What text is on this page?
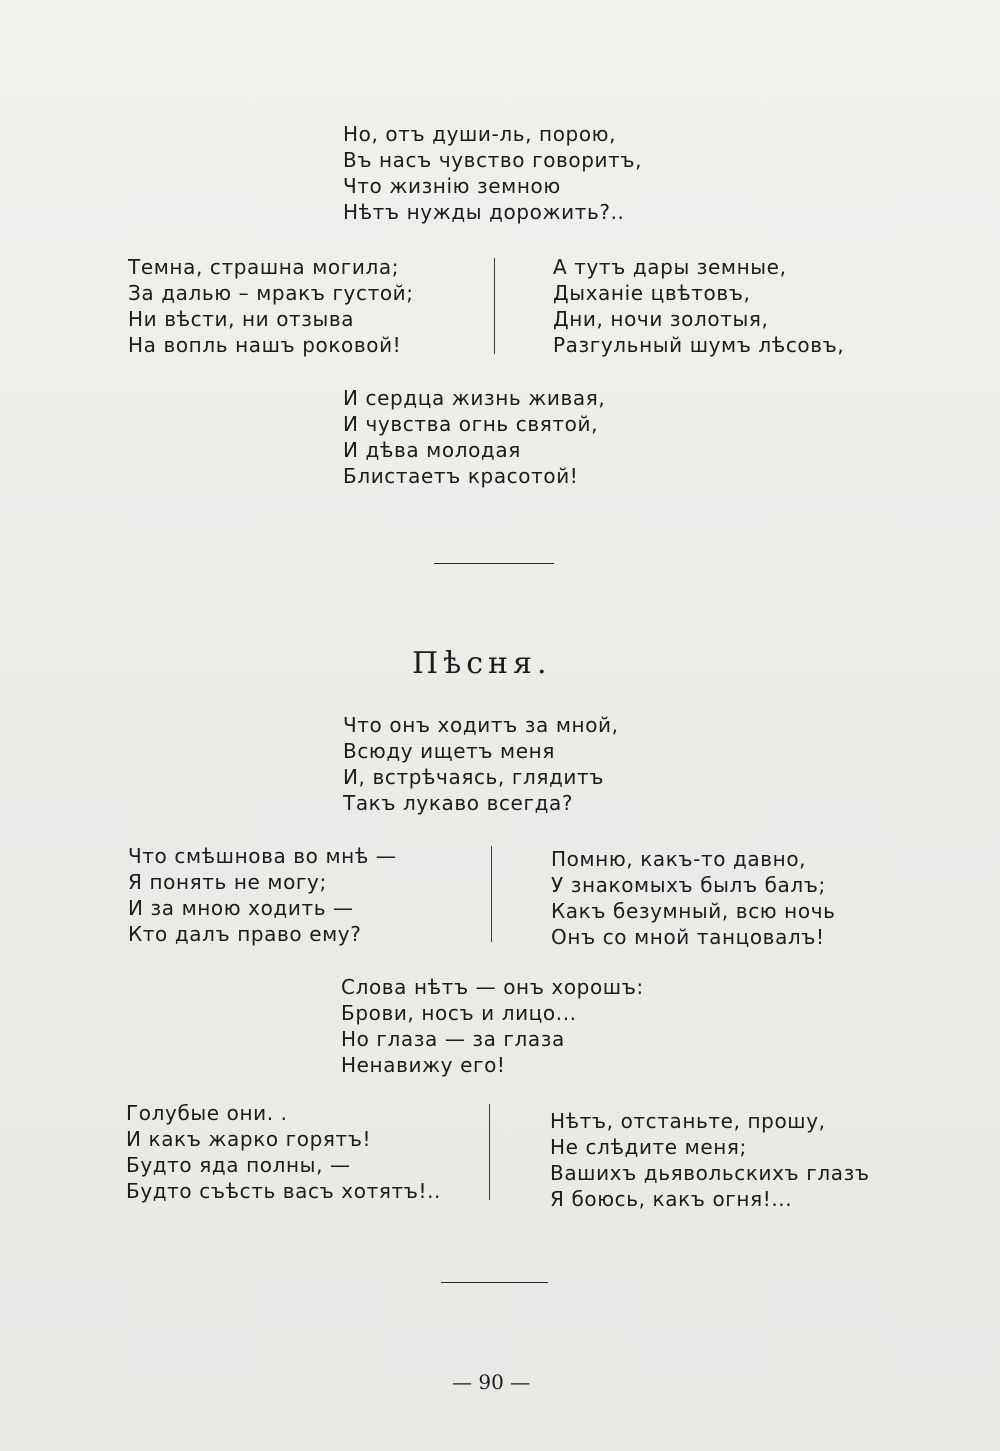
Но, отъ души-ль, порою,
Въ насъ чувство говоритъ,
Что жизнію земною
Нѣтъ нужды дорожить?..
Темна, страшна могила;
За далью – мракъ густой;
Ни вѣсти, ни отзыва
На вопль нашъ роковой!
А тутъ дары земные,
Дыханіе цвѣтовъ,
Дни, ночи золотыя,
Разгульный шумъ лѣсовъ,
И сердца жизнь живая,
И чувства огнь святой,
И дѣва молодая
Блистаетъ красотой!
Пѣсня.
Что онъ ходитъ за мной,
Всюду ищетъ меня
И, встрѣчаясь, глядитъ
Такъ лукаво всегда?
Что смѣшнова во мнѣ —
Я понять не могу;
И за мною ходить —
Кто далъ право ему?
Помню, какъ-то давно,
У знакомыхъ былъ балъ;
Какъ безумный, всю ночь
Онъ со мной танцовалъ!
Слова нѣтъ — онъ хорошъ:
Брови, носъ и лицо...
Но глаза — за глаза
Ненавижу его!
Голубые они. .
И какъ жарко горятъ!
Будто яда полны, —
Будто съѣсть васъ хотятъ!..
Нѣтъ, отстаньте, прошу,
Не слѣдите меня;
Вашихъ дьявольскихъ глазъ
Я боюсь, какъ огня!...
— 90 —
